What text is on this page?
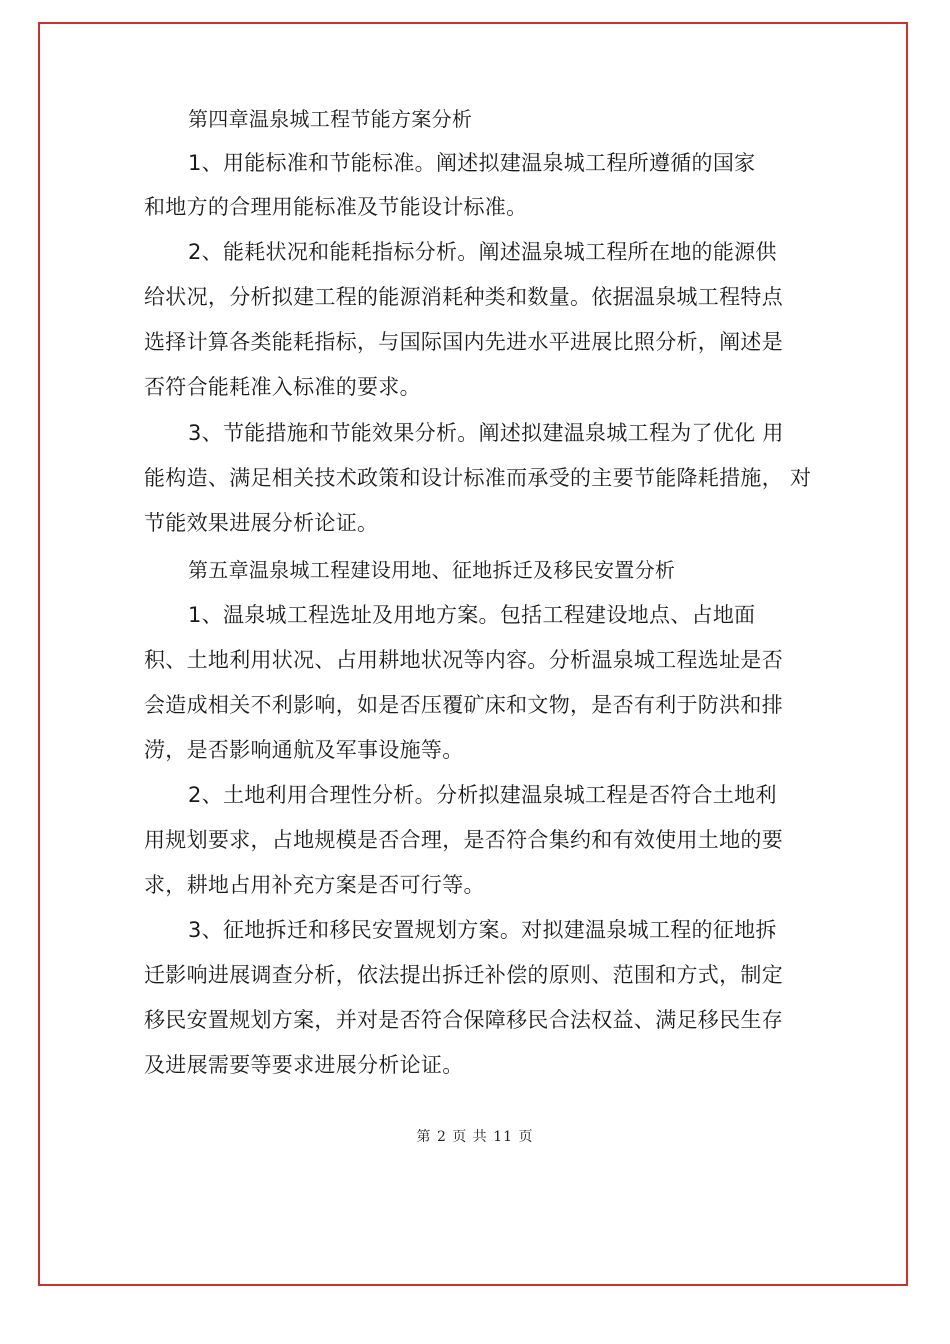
第四章温泉城工程节能方案分析
1、用能标准和节能标准。阐述拟建温泉城工程所遵循的国家
和地方的合理用能标准及节能设计标准。
2、能耗状况和能耗指标分析。阐述温泉城工程所在地的能源供
给状况，分析拟建工程的能源消耗种类和数量。依据温泉城工程特点
选择计算各类能耗指标，与国际国内先进水平进展比照分析，阐述是
否符合能耗准入标准的要求。
3、节能措施和节能效果分析。阐述拟建温泉城工程为了优化 用
能构造、满足相关技术政策和设计标准而承受的主要节能降耗措施， 对
节能效果进展分析论证。
第五章温泉城工程建设用地、征地拆迁及移民安置分析
1、温泉城工程选址及用地方案。包括工程建设地点、占地面
积、土地利用状况、占用耕地状况等内容。分析温泉城工程选址是否
会造成相关不利影响，如是否压覆矿床和文物，是否有利于防洪和排
涝，是否影响通航及军事设施等。
2、土地利用合理性分析。分析拟建温泉城工程是否符合土地利
用规划要求，占地规模是否合理，是否符合集约和有效使用土地的要
求，耕地占用补充方案是否可行等。
3、征地拆迁和移民安置规划方案。对拟建温泉城工程的征地拆
迁影响进展调查分析，依法提出拆迁补偿的原则、范围和方式，制定
移民安置规划方案，并对是否符合保障移民合法权益、满足移民生存
及进展需要等要求进展分析论证。
第 2 页 共 11 页
